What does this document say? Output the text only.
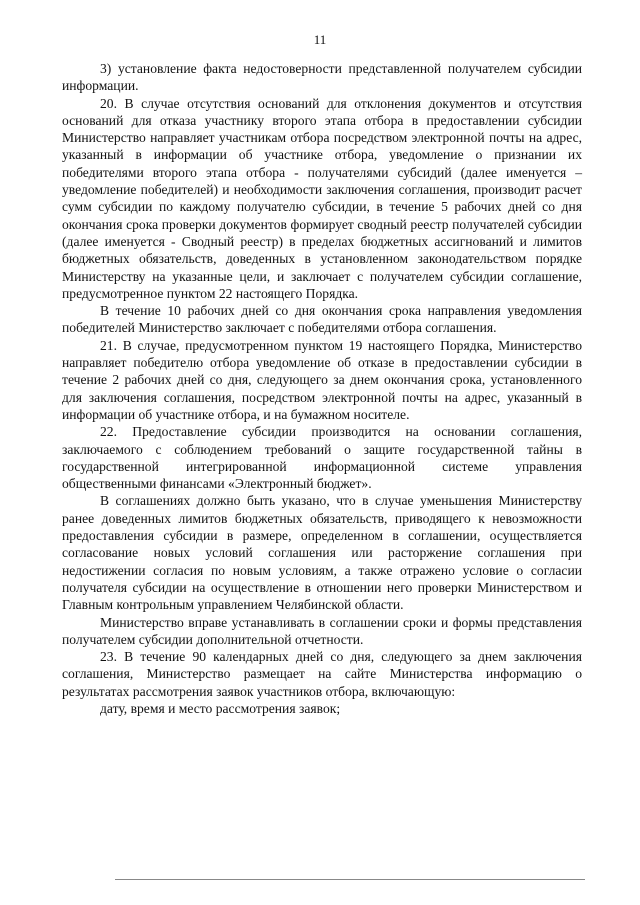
11

3) установление факта недостоверности представленной получателем субсидии информации.

20. В случае отсутствия оснований для отклонения документов и отсутствия оснований для отказа участнику второго этапа отбора в предоставлении субсидии Министерство направляет участникам отбора посредством электронной почты на адрес, указанный в информации об участнике отбора, уведомление о признании их победителями второго этапа отбора - получателями субсидий (далее именуется – уведомление победителей) и необходимости заключения соглашения, производит расчет сумм субсидии по каждому получателю субсидии, в течение 5 рабочих дней со дня окончания срока проверки документов формирует сводный реестр получателей субсидии (далее именуется - Сводный реестр) в пределах бюджетных ассигнований и лимитов бюджетных обязательств, доведенных в установленном законодательством порядке Министерству на указанные цели, и заключает с получателем субсидии соглашение, предусмотренное пунктом 22 настоящего Порядка.

В течение 10 рабочих дней со дня окончания срока направления уведомления победителей Министерство заключает с победителями отбора соглашения.

21. В случае, предусмотренном пунктом 19 настоящего Порядка, Министерство направляет победителю отбора уведомление об отказе в предоставлении субсидии в течение 2 рабочих дней со дня, следующего за днем окончания срока, установленного для заключения соглашения, посредством электронной почты на адрес, указанный в информации об участнике отбора, и на бумажном носителе.

22. Предоставление субсидии производится на основании соглашения, заключаемого с соблюдением требований о защите государственной тайны в государственной интегрированной информационной системе управления общественными финансами «Электронный бюджет».

В соглашениях должно быть указано, что в случае уменьшения Министерству ранее доведенных лимитов бюджетных обязательств, приводящего к невозможности предоставления субсидии в размере, определенном в соглашении, осуществляется согласование новых условий соглашения или расторжение соглашения при недостижении согласия по новым условиям, а также отражено условие о согласии получателя субсидии на осуществление в отношении него проверки Министерством и Главным контрольным управлением Челябинской области.

Министерство вправе устанавливать в соглашении сроки и формы представления получателем субсидии дополнительной отчетности.

23. В течение 90 календарных дней со дня, следующего за днем заключения соглашения, Министерство размещает на сайте Министерства информацию о результатах рассмотрения заявок участников отбора, включающую:

дату, время и место рассмотрения заявок;
